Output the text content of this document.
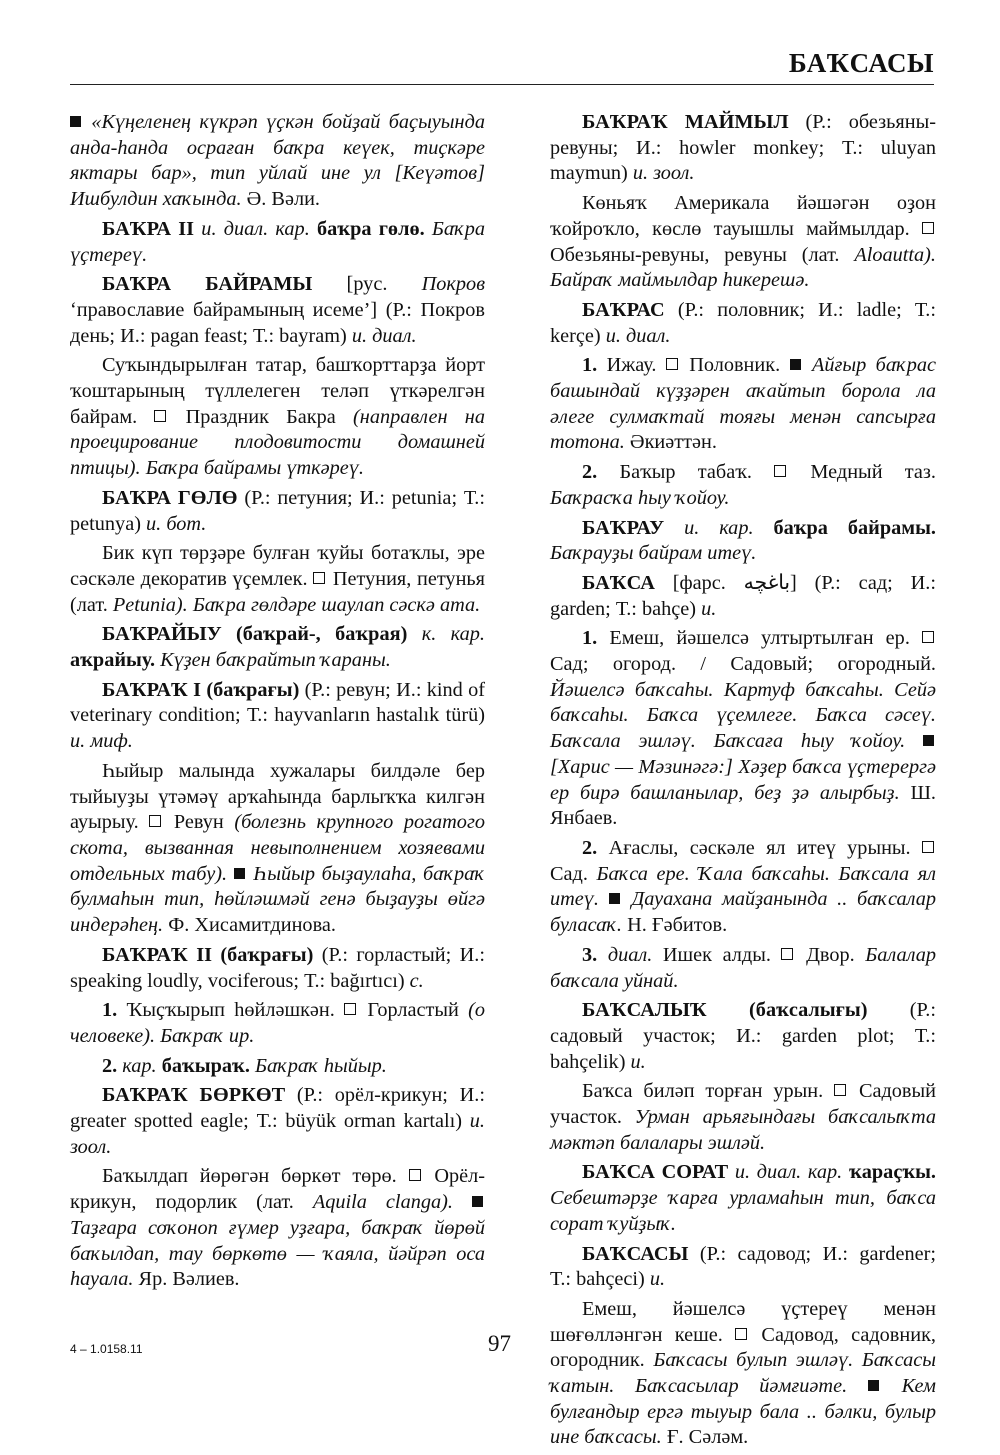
БАҠСАСЫ

«Күңеленең күкрәп үҫкән бойҙай баҫыуында анда-һанда осраған баҡра кеүек, тиҫкәре яктары бар», тип уйлай ине ул [Кеүәтов] Ишбулдин хаҡында. Ә. Вәли.

БАҠРА II и. диал. кар. баҡра гөлө. Баҡра үҫтереү.

БАҠРА БАЙРАМЫ [рус. Покров ‘православие байрамының исеме’] (Р.: Покров день; И.: pagan feast; Т.: bayram) и. диал.

Суҡындырылған татар, башҡорттарҙа йорт ҡоштарының түллелеген теләп үткәрелгән байрам.  Праздник Бакра (направлен на проецирование плодовитости домашней птицы). Баҡра байрамы үткәреү.

БАҠРА ГӨЛӨ (Р.: петуния; И.: petunia; Т.: petunya) и. бот.

Бик күп төрҙәре булған ҡуйы ботаҡлы, эре сәскәле декоратив үҫемлек.  Петуния, петунья (лат. Petunia). Баҡра гөлдәре шаулап сәскә ата.

БАҠРАЙЫУ (баҡрай-, баҡрая) к. кар. аҡрайыу. Күҙен баҡрайтып ҡараны.

БАҠРАҠ I (баҡрағы) (Р.: ревун; И.: kind of veterinary condition; Т.: hayvanların hastalık türü) и. миф.

Һыйыр малында хужалары билдәле бер тыйыуҙы үтәмәү арҡаһында барлыҡҡа килгән ауырыу.  Ревун (болезнь крупного рогатого скота, вызванная невыполнением хозяевами отдельных табу). Һыйыр быҙаулаһа, баҡраҡ булмаһын тип, һөйләшмәй генә быҙауҙы өйгә индерәһең. Ф. Хисамитдинова.

БАҠРАҠ II (баҡрағы) (Р.: горластый; И.: speaking loudly, vociferous; Т.: bağırtıcı) с.

1. Ҡыҫҡырып һөйләшкән.  Горластый (о человеке). Баҡраҡ ир.

2. кар. баҡыраҡ. Баҡраҡ һыйыр.

БАҠРАҠ БӨРКӨТ (Р.: орёл-крикун; И.: greater spotted eagle; Т.: büyük orman kartalı) и. зоол.

Баҡылдап йөрөгән бөркөт төрө.  Орёл-крикун, подорлик (лат. Aquila clanga).  Таҙғара соҡоноп ғүмер уҙғара, баҡраҡ йөрөй баҡылдап, тау бөркөтө — ҡаяла, йәйрәп оса һауала. Яр. Вәлиев.

БАҠРАҠ МАЙМЫЛ (Р.: обезьяны-ревуны; И.: howler monkey; Т.: uluyan maymun) и. зоол.

Көньяҡ Америкала йәшәгән оҙон ҡойроҡло, көслө тауышлы маймылдар.  Обезьяны-ревуны, ревуны (лат. Aloautta). Байраҡ маймылдар һикерешә.

БАҠРАС (Р.: половник; И.: ladle; Т.: kerçe) и. диал.

1. Ижау.  Половник.  Айғыр баҡрас башындай күҙҙәрен аҡайтып борола ла әлеге сулмаҡтай тояғы менән сапсырға тотона. Әкиәттән.

2. Баҡыр табаҡ.  Медный таз. Баҡрасҡа һыу ҡойоу.

БАҠРАУ и. кар. баҡра байрамы. Баҡрауҙы байрам итеү.

БАҠСА [фарс. باغچه] (Р.: сад; И.: garden; Т.: bahçe) и.

1. Емеш, йәшелсә ултыртылған ер.  Сад; огород. / Садовый; огородный. Йәшелсә баҡсаһы. Картуф баҡсаһы. Сейә баҡсаһы. Баҡса үҫемлеге. Баҡса сәсеү. Баҡсала эшләү. Баҡсаға һыу ҡойоу.  [Харис — Мәзинәгә:] Хәҙер баҡса үҫтерергә ер бирә башланылар, беҙ ҙә алырбыҙ. Ш. Янбаев.

2. Ағаслы, сәскәле ял итеү урыны.  Сад. Баҡса ере. Ҡала баҡсаһы. Баҡсала ял итеү. Дауахана майҙанында .. баҡсалар буласаҡ. Н. Ғәбитов.

3. диал. Ишек алды.  Двор. Балалар баҡсала уйнай.

БАҠСАЛЫҠ (баҡсалығы) (Р.: садовый участок; И.: garden plot; Т.: bahçelik) и.

Баҡса биләп торған урын.  Садовый участок. Урман арьяғындағы баҡсалыҡта мәктәп балалары эшләй.

БАҠСА СОРАТ и. диал. кар. ҡараҫҡы. Себештәрҙе ҡарға урламаһын тип, баҡса сорат ҡуйҙыҡ.

БАҠСАСЫ (Р.: садовод; И.: gardener; Т.: bahçeci) и.

Емеш, йәшелсә үҫтереү менән шөғөлләнгән кеше.  Садовод, садовник, огородник. Баҡсасы булып эшләү. Баҡсасы ҡатын. Баҡсасылар йәмғиәте.	Кем булғандыр ергә тыуыр бала .. бәлки, булыр ине баҡсасы. Ғ. Сәләм.

4 – 1.0158.11	97
